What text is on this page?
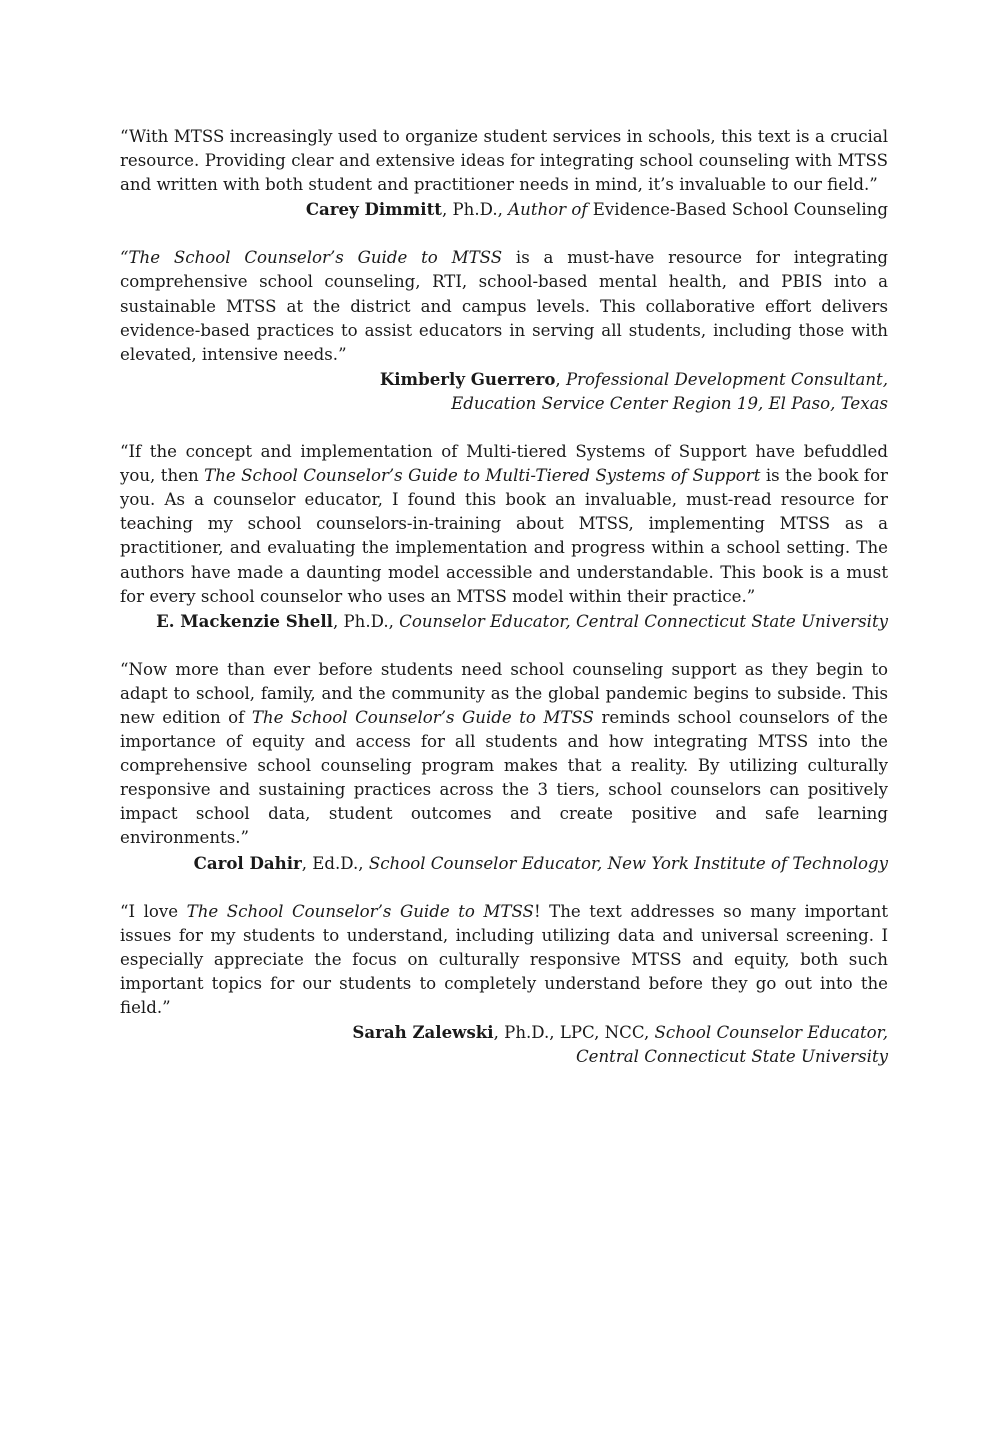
“With MTSS increasingly used to organize student services in schools, this text is a crucial resource. Providing clear and extensive ideas for integrating school counseling with MTSS and written with both student and practitioner needs in mind, it’s invaluable to our field.”

Carey Dimmitt, Ph.D., Author of Evidence-Based School Counseling

“The School Counselor’s Guide to MTSS is a must-have resource for integrating comprehensive school counseling, RTI, school-based mental health, and PBIS into a sustainable MTSS at the district and campus levels. This collaborative effort delivers evidence-based practices to assist educators in serving all students, including those with elevated, intensive needs.”

Kimberly Guerrero, Professional Development Consultant,
Education Service Center Region 19, El Paso, Texas

“If the concept and implementation of Multi-tiered Systems of Support have befuddled you, then The School Counselor’s Guide to Multi-Tiered Systems of Support is the book for you. As a counselor educator, I found this book an invaluable, must-read resource for teaching my school counselors-in-training about MTSS, implementing MTSS as a practitioner, and evaluating the implementation and progress within a school setting. The authors have made a daunting model accessible and understandable. This book is a must for every school counselor who uses an MTSS model within their practice.”

E. Mackenzie Shell, Ph.D., Counselor Educator, Central Connecticut State University

“Now more than ever before students need school counseling support as they begin to adapt to school, family, and the community as the global pandemic begins to subside. This new edition of The School Counselor’s Guide to MTSS reminds school counselors of the importance of equity and access for all students and how integrating MTSS into the comprehensive school counseling program makes that a reality. By utilizing culturally responsive and sustaining practices across the 3 tiers, school counselors can positively impact school data, student outcomes and create positive and safe learning environments.”

Carol Dahir, Ed.D., School Counselor Educator, New York Institute of Technology

“I love The School Counselor’s Guide to MTSS! The text addresses so many important issues for my students to understand, including utilizing data and universal screening. I especially appreciate the focus on culturally responsive MTSS and equity, both such important topics for our students to completely understand before they go out into the field.”

Sarah Zalewski, Ph.D., LPC, NCC, School Counselor Educator,
Central Connecticut State University
